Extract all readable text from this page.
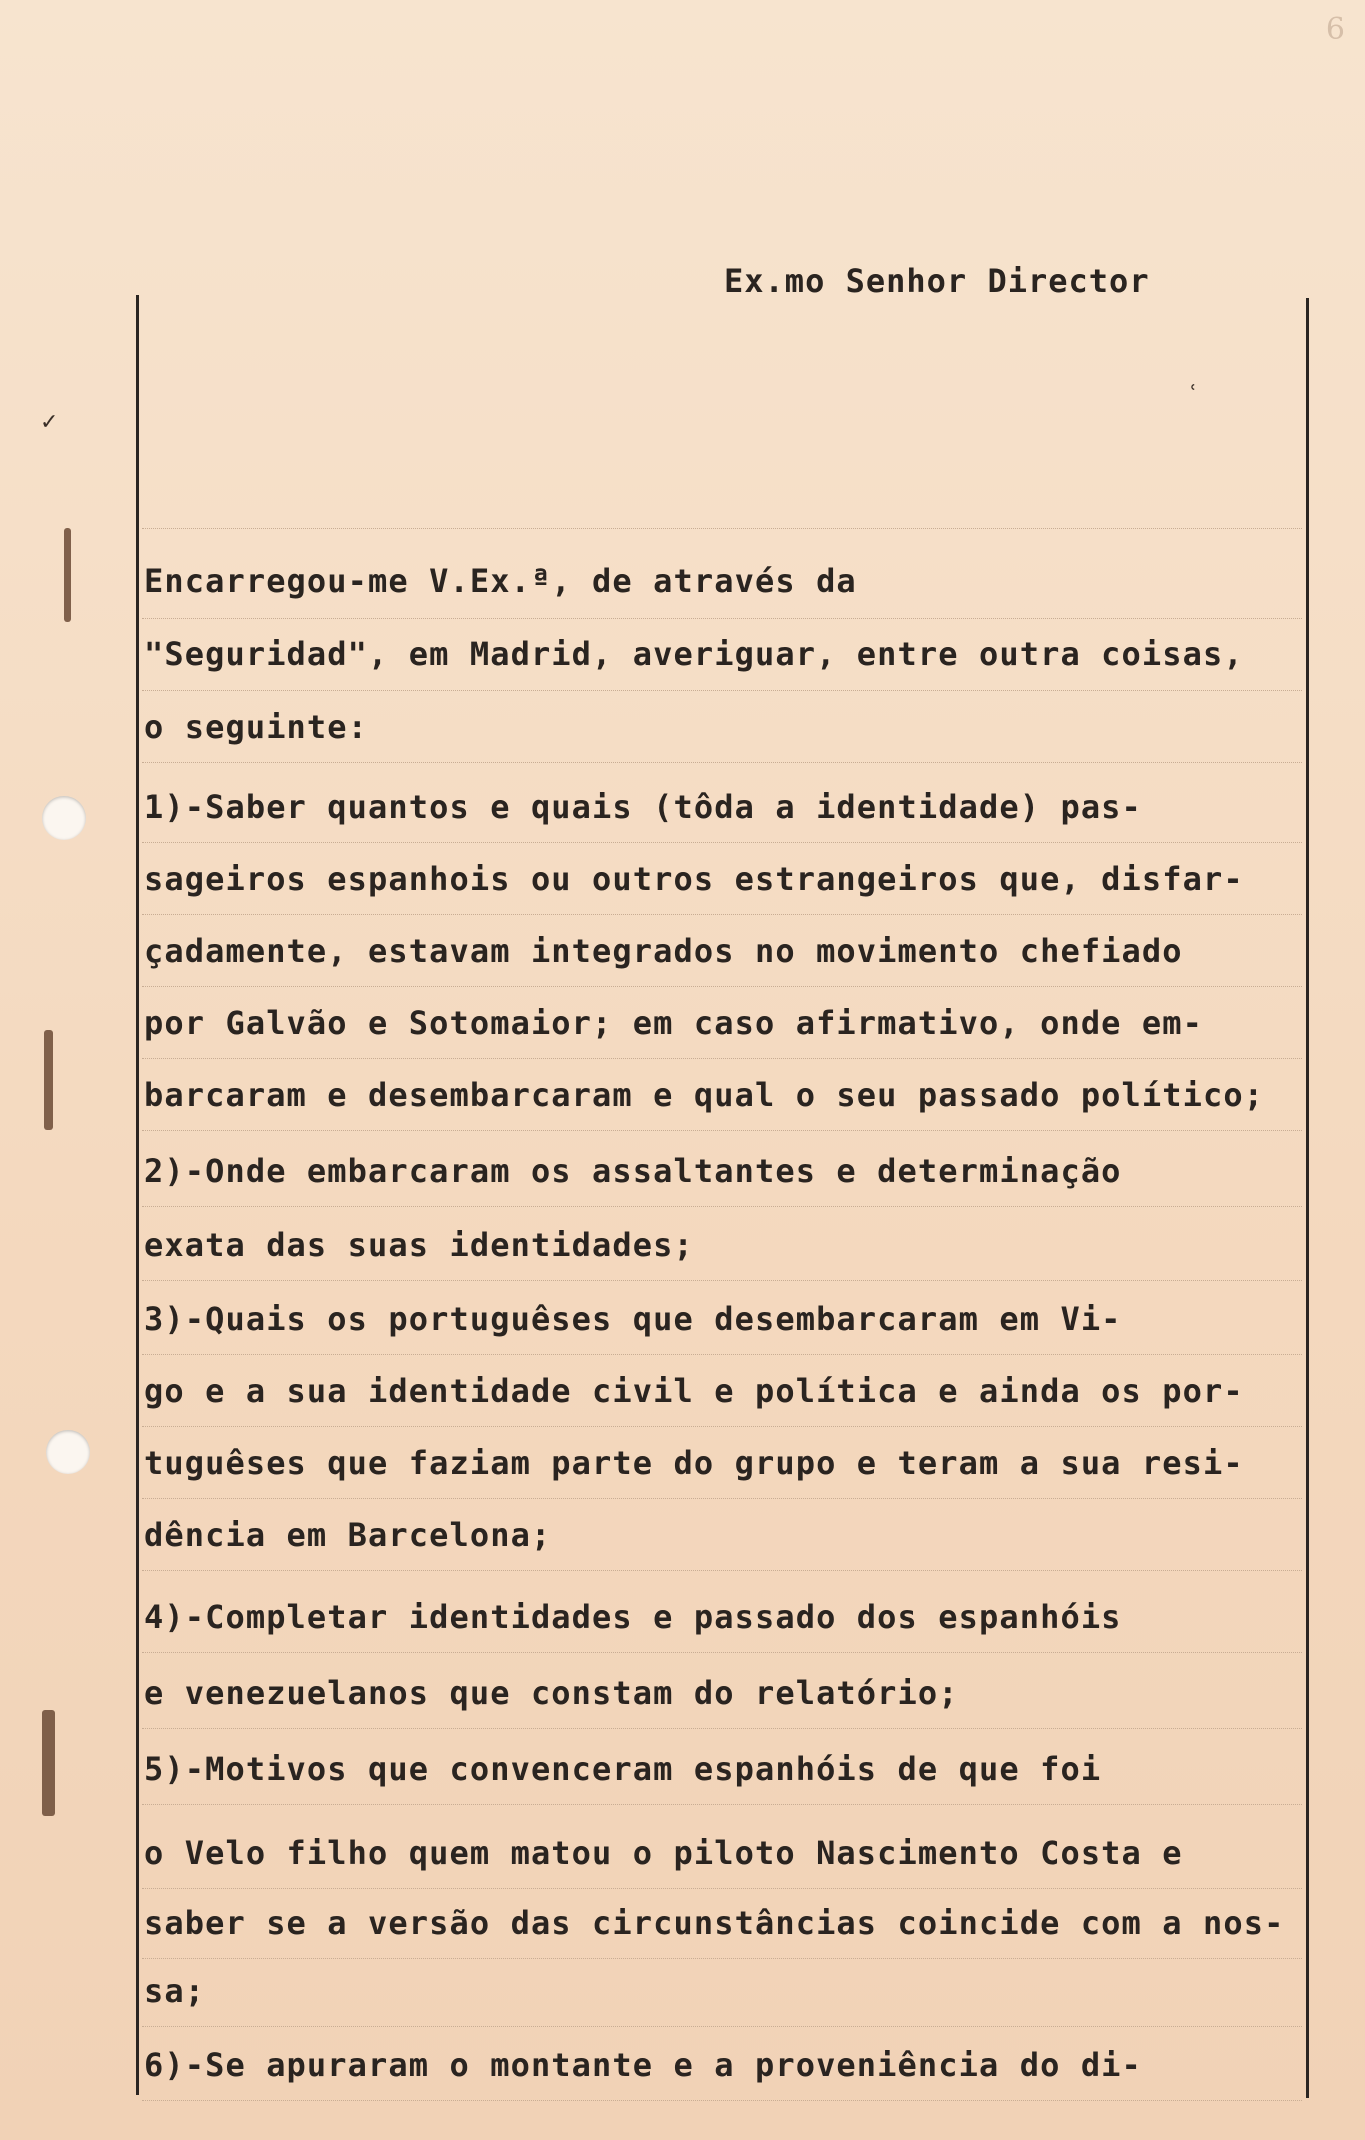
6
✓
ʿ
Ex.mo Senhor Director
Encarregou-me V.Ex.ª, de através da
"Seguridad", em Madrid, averiguar, entre outra coisas,
o seguinte:
1)-Saber quantos e quais (tôda a identidade) pas-
sageiros espanhois ou outros estrangeiros que, disfar-
çadamente, estavam integrados no movimento chefiado
por Galvão e Sotomaior; em caso afirmativo, onde em-
barcaram e desembarcaram e qual o seu passado político;
2)-Onde embarcaram os assaltantes e determinação
exata das suas identidades;
3)-Quais os portuguêses que desembarcaram em Vi-
go e a sua identidade civil e política e ainda os por-
tuguêses que faziam parte do grupo e teram a sua resi-
dência em Barcelona;
4)-Completar identidades e passado dos espanhóis
e venezuelanos que constam do relatório;
5)-Motivos que convenceram espanhóis de que foi
o Velo filho quem matou o piloto Nascimento Costa e
saber se a versão das circunstâncias coincide com a nos-
sa;
6)-Se apuraram o montante e a proveniência do di-
